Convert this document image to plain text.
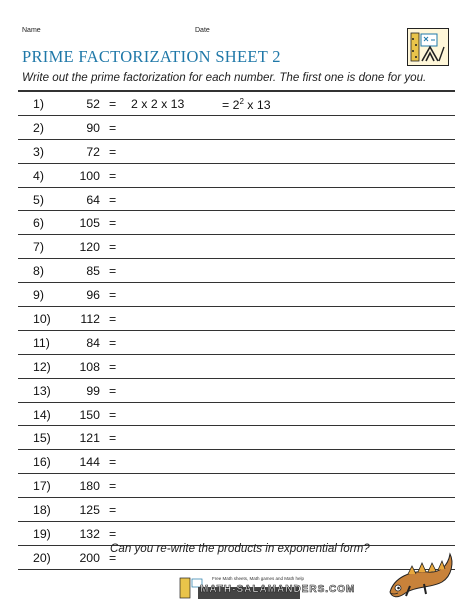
Name	Date
PRIME FACTORIZATION SHEET 2
Write out the prime factorization for each number. The first one is done for you.
1)	52 = 2 x 2 x 13	= $2^2$ x 13
2)	90 =
3)	72 =
4)	100 =
5)	64 =
6)	105 =
7)	120 =
8)	85 =
9)	96 =
10)	112 =
11)	84 =
12)	108 =
13)	99 =
14)	150 =
15)	121 =
16)	144 =
17)	180 =
18)	125 =
19)	132 =
20)	200 =
Can you re-write the products in exponential form?
Free Math sheets, Math games and Math help
MATH-SALAMANDERS.COM
